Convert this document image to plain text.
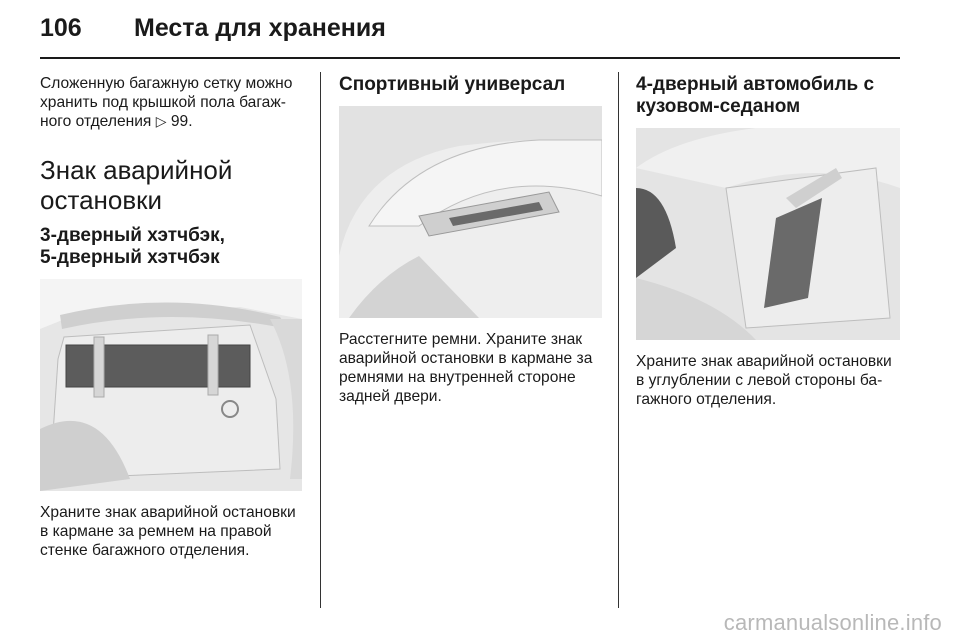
106 Места для хранения

Сложенную багажную сетку можно хранить под крышкой пола багаж-ного отделения ▷ 99.

Знак аварийной остановки
3-дверный хэтчбэк,
5-дверный хэтчбэк

Храните знак аварийной остановки в кармане за ремнем на правой стенке багажного отделения.

Спортивный универсал

Расстегните ремни. Храните знак аварийной остановки в кармане за ремнями на внутренней стороне задней двери.

4-дверный автомобиль с
кузовом-седаном

Храните знак аварийной остановки в углублении с левой стороны ба-гажного отделения.

carmanualsonline.info
